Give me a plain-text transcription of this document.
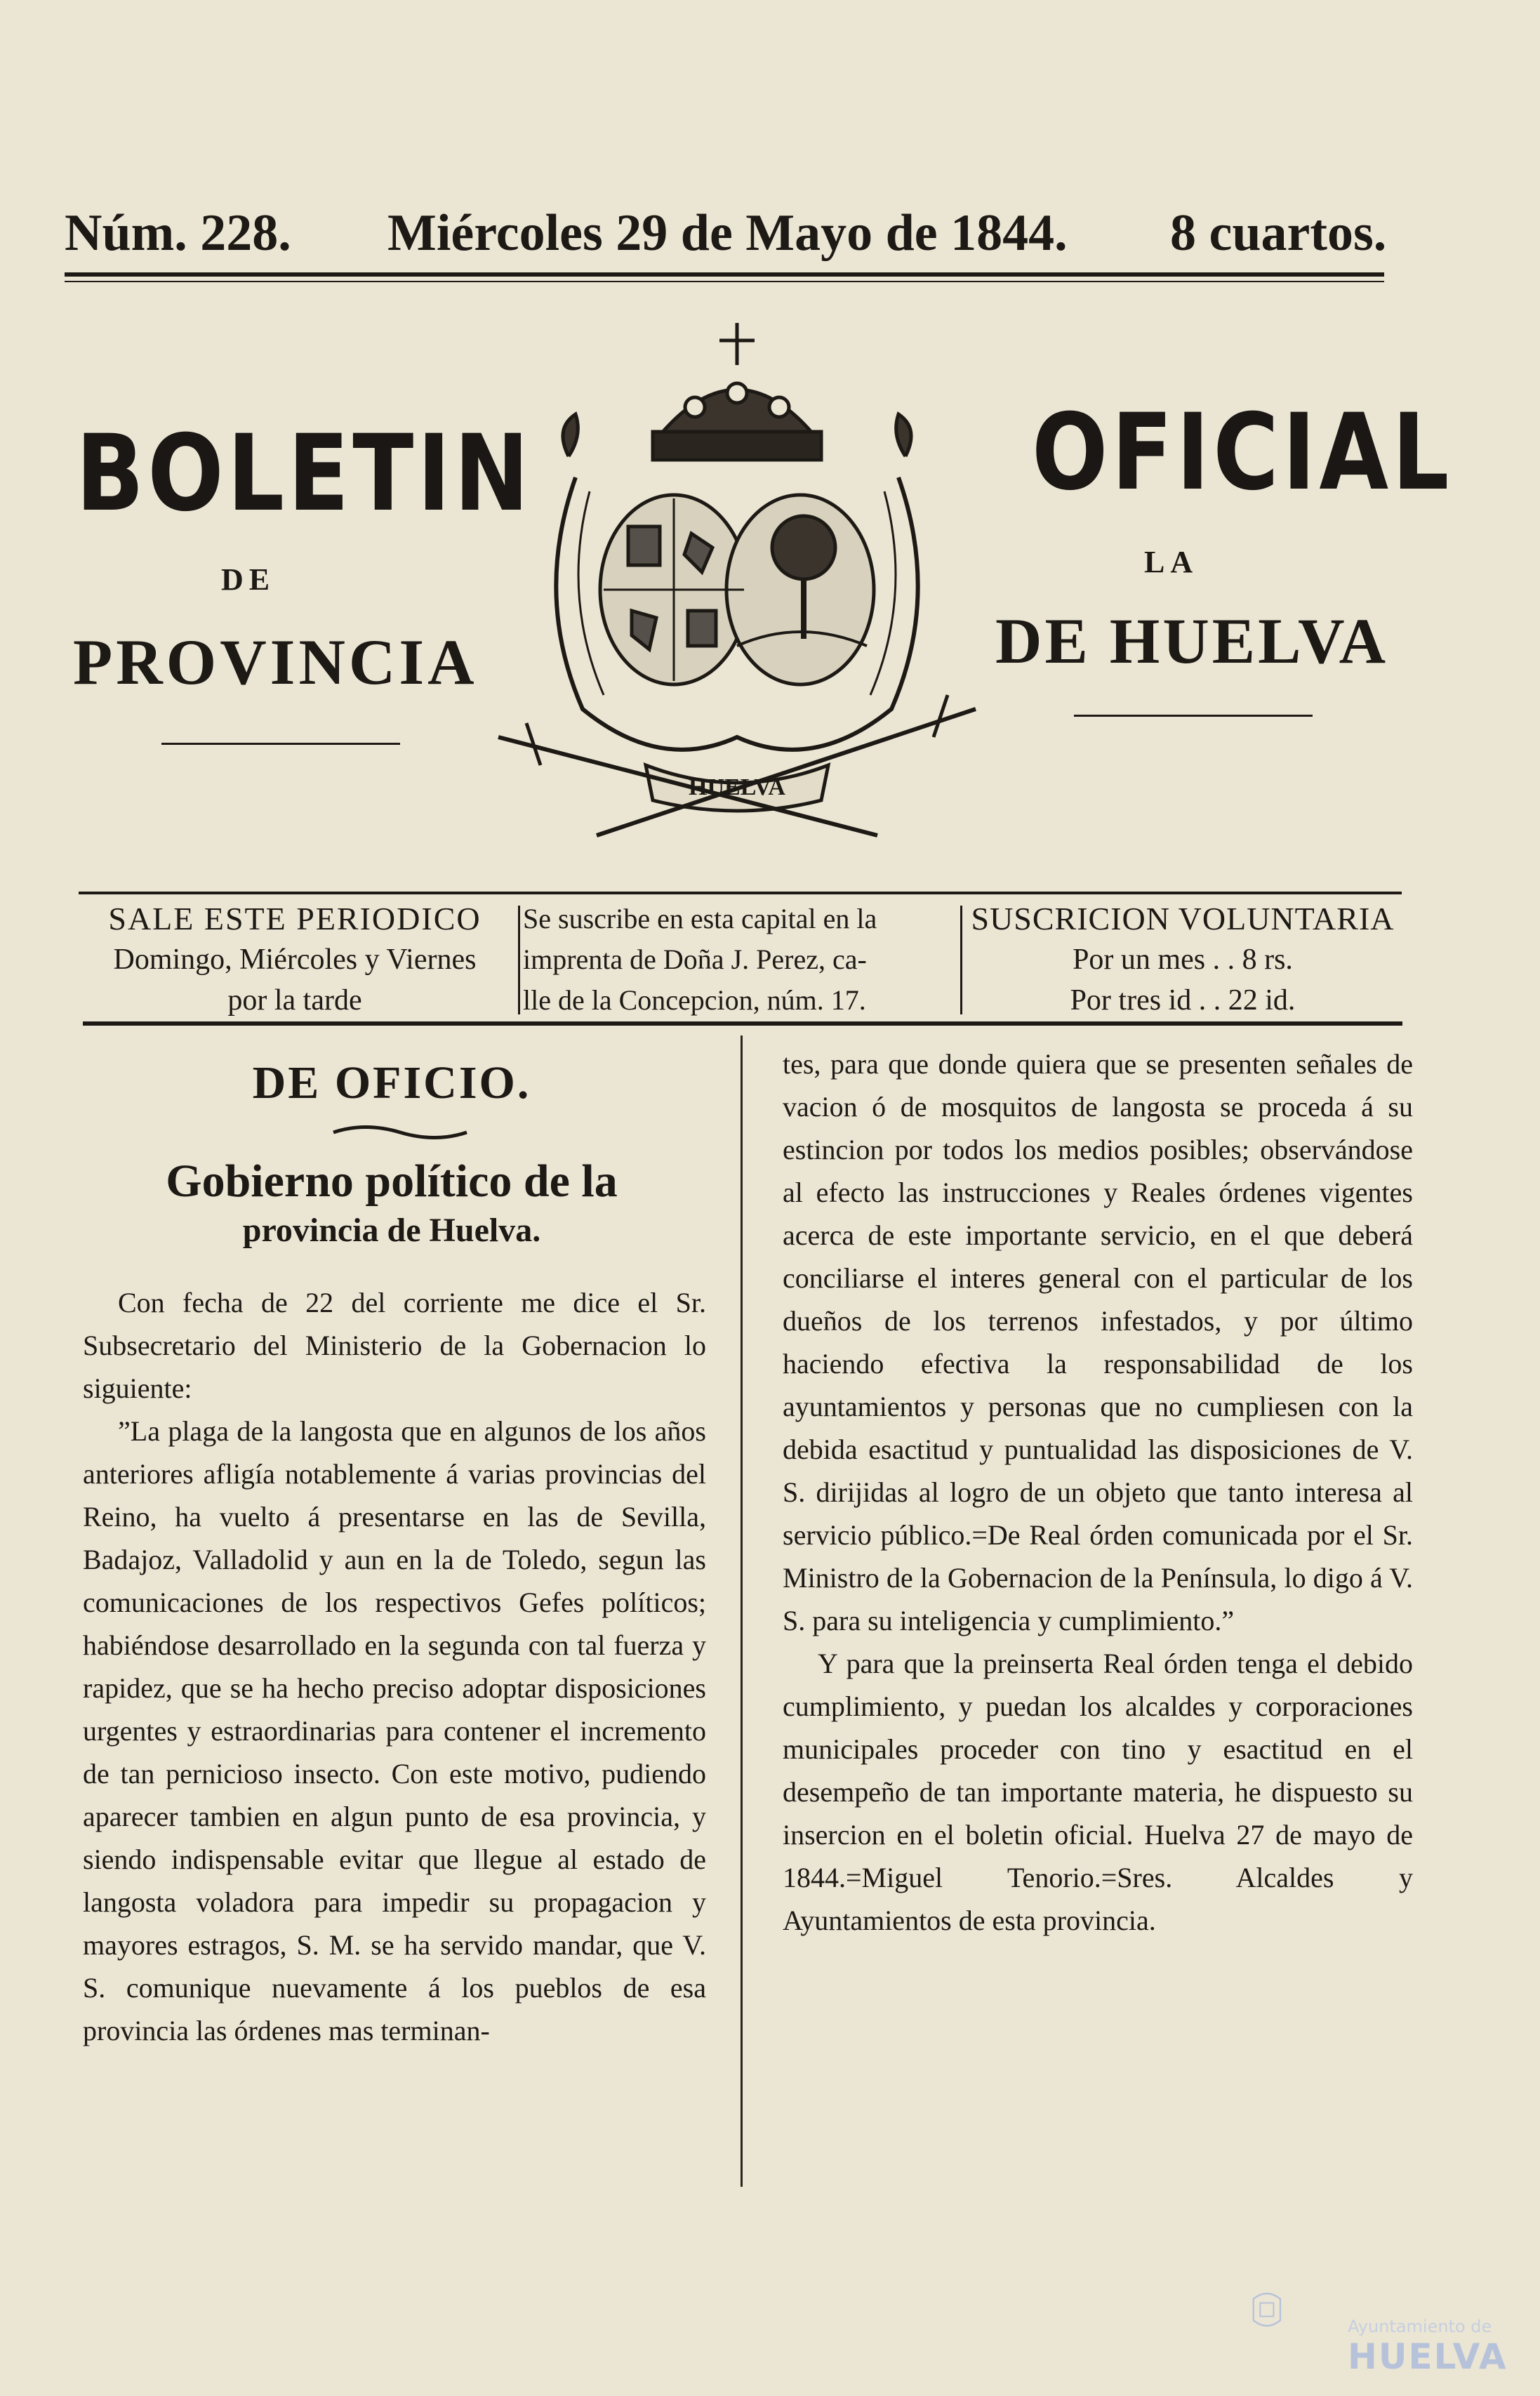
Núm. 228. Miércoles 29 de Mayo de 1844. 8 cuartos.
BOLETIN	OFICIAL
DE
LA
PROVINCIA	DE HUELVA
HUELVA
SALE ESTE PERIODICO
Domingo, Miércoles y Viernes
por la tarde
Se suscribe en esta capital en la
imprenta de Doña J. Perez, ca-
lle de la Concepcion, núm. 17.
SUSCRICION VOLUNTARIA
Por un mes . . 8 rs.
Por tres id . . 22 id.
DE OFICIO.
Gobierno político de la
provincia de Huelva.

Con fecha de 22 del corriente me dice el Sr. Subsecretario del Ministerio de la Gobernacion lo siguiente:

”La plaga de la langosta que en algunos de los años anteriores afligía notablemente á varias provincias del Reino, ha vuelto á presentarse en las de Sevilla, Badajoz, Valladolid y aun en la de Toledo, segun las comunicaciones de los respectivos Gefes políticos; habiéndose desarrollado en la segunda con tal fuerza y rapidez, que se ha hecho preciso adoptar disposiciones urgentes y estraordinarias para contener el incremento de tan pernicioso insecto. Con este motivo, pudiendo aparecer tambien en algun punto de esa provincia, y siendo indispensable evitar que llegue al estado de langosta voladora para impedir su propagacion y mayores estragos, S. M. se ha servido mandar, que V. S. comunique nuevamente á los pueblos de esa provincia las órdenes mas terminan-

tes, para que donde quiera que se presenten señales de vacion ó de mosquitos de langosta se proceda á su estincion por todos los medios posibles; observándose al efecto las instrucciones y Reales órdenes vigentes acerca de este importante servicio, en el que deberá conciliarse el interes general con el particular de los dueños de los terrenos infestados, y por último haciendo efectiva la responsabilidad de los ayuntamientos y personas que no cumpliesen con la debida esactitud y puntualidad las disposiciones de V. S. dirijidas al logro de un objeto que tanto interesa al servicio público.=De Real órden comunicada por el Sr. Ministro de la Gobernacion de la Península, lo digo á V. S. para su inteligencia y cumplimiento.”

Y para que la preinserta Real órden tenga el debido cumplimiento, y puedan los alcaldes y corporaciones municipales proceder con tino y esactitud en el desempeño de tan importante materia, he dispuesto su insercion en el boletin oficial. Huelva 27 de mayo de 1844.=Miguel Tenorio.=Sres. Alcaldes y Ayuntamientos de esta provincia.

Ayuntamiento de
HUELVA
